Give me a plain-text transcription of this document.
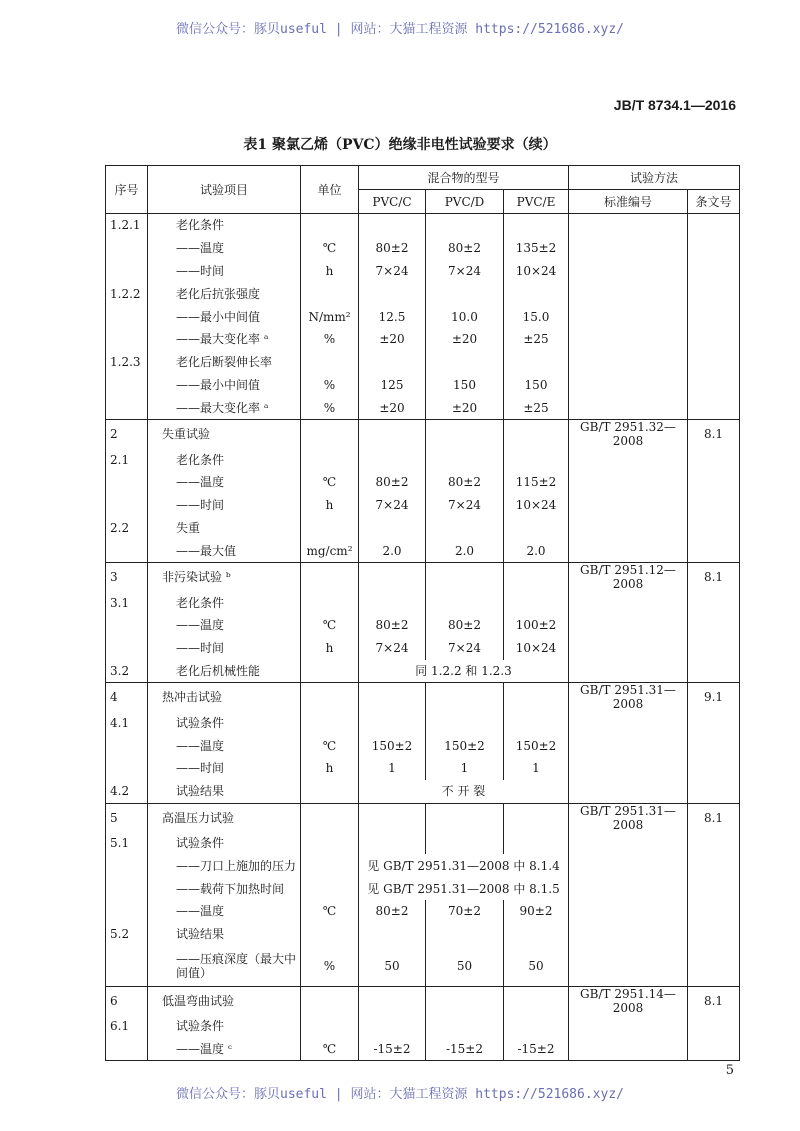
微信公众号：豚贝useful | 网站：大猫工程资源 https://521686.xyz/
JB/T 8734.1—2016
表1 聚氯乙烯（PVC）绝缘非电性试验要求（续）
序号	试验项目	单位	混合物的型号			试验方法	
			PVC/C	PVC/D	PVC/E	标准编号	条文号
1.2.1	老化条件						
	——温度	℃	80±2	80±2	135±2		
	——时间	h	7×24	7×24	10×24		
1.2.2	老化后抗张强度						
	——最小中间值	N/mm²	12.5	10.0	15.0		
	——最大变化率 ᵃ	%	±20	±20	±25		
1.2.3	老化后断裂伸长率						
	——最小中间值	%	125	150	150		
	——最大变化率 ᵃ	%	±20	±20	±25		
2	失重试验					GB/T 2951.32—2008	8.1
2.1	老化条件						
	——温度	℃	80±2	80±2	115±2		
	——时间	h	7×24	7×24	10×24		
2.2	失重						
	——最大值	mg/cm²	2.0	2.0	2.0		
3	非污染试验 ᵇ					GB/T 2951.12—2008	8.1
3.1	老化条件						
	——温度	℃	80±2	80±2	100±2		
	——时间	h	7×24	7×24	10×24		
3.2	老化后机械性能		同 1.2.2 和 1.2.3				
4	热冲击试验					GB/T 2951.31—2008	9.1
4.1	试验条件						
	——温度	℃	150±2	150±2	150±2		
	——时间	h	1	1	1		
4.2	试验结果		不 开 裂				
5	高温压力试验					GB/T 2951.31—2008	8.1
5.1	试验条件						
	——刀口上施加的压力		见 GB/T 2951.31—2008 中 8.1.4				
	——载荷下加热时间		见 GB/T 2951.31—2008 中 8.1.5				
	——温度	℃	80±2	70±2	90±2		
5.2	试验结果						
	——压痕深度（最大中间值）	%	50	50	50		
6	低温弯曲试验					GB/T 2951.14—2008	8.1
6.1	试验条件						
	——温度 ᶜ	℃	-15±2	-15±2	-15±2		
5
微信公众号：豚贝useful | 网站：大猫工程资源 https://521686.xyz/
